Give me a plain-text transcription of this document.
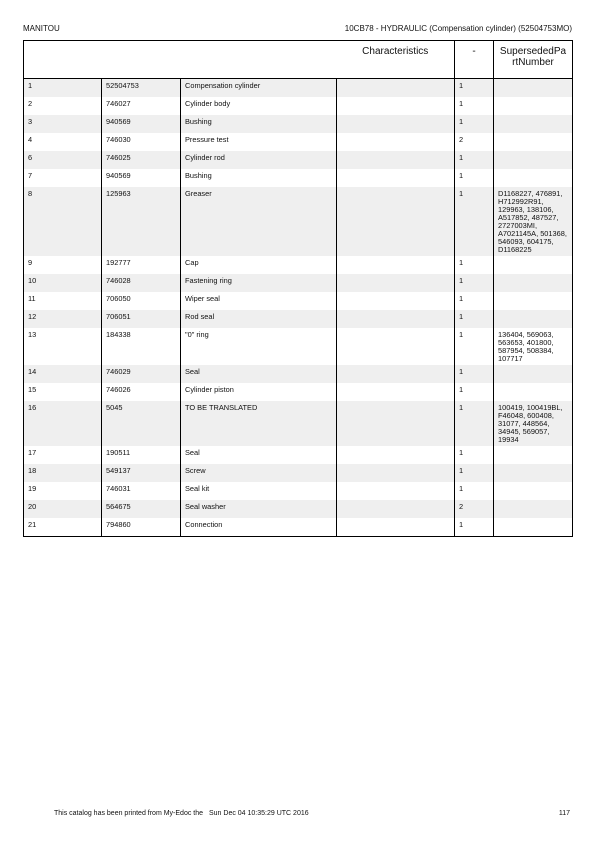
MANITOU	10CB78 - HYDRAULIC (Compensation cylinder) (52504753MO)
			Characteristics	-	SupersededPa rtNumber
1	52504753	Compensation cylinder		1	
2	746027	Cylinder body		1	
3	940569	Bushing		1	
4	746030	Pressure test		2	
6	746025	Cylinder rod		1	
7	940569	Bushing		1	
8	125963	Greaser		1	D1168227, 476891, H712992R91, 129963, 138106, A517852, 487527, 2727003MI, A7021145A, 501368, 546093, 604175, D1168225
9	192777	Cap		1	
10	746028	Fastening ring		1	
11	706050	Wiper seal		1	
12	706051	Rod seal		1	
13	184338	"0" ring		1	136404, 569063, 563653, 401800, 587954, 508384, 107717
14	746029	Seal		1	
15	746026	Cylinder piston		1	
16	5045	TO BE TRANSLATED		1	100419, 100419BL, F46048, 600408, 31077, 448564, 34945, 569057, 19934
17	190511	Seal		1	
18	549137	Screw		1	
19	746031	Seal kit		1	
20	564675	Seal washer		2	
21	794860	Connection		1	
This catalog has been printed from My-Edoc the Sun Dec 04 10:35:29 UTC 2016	117
